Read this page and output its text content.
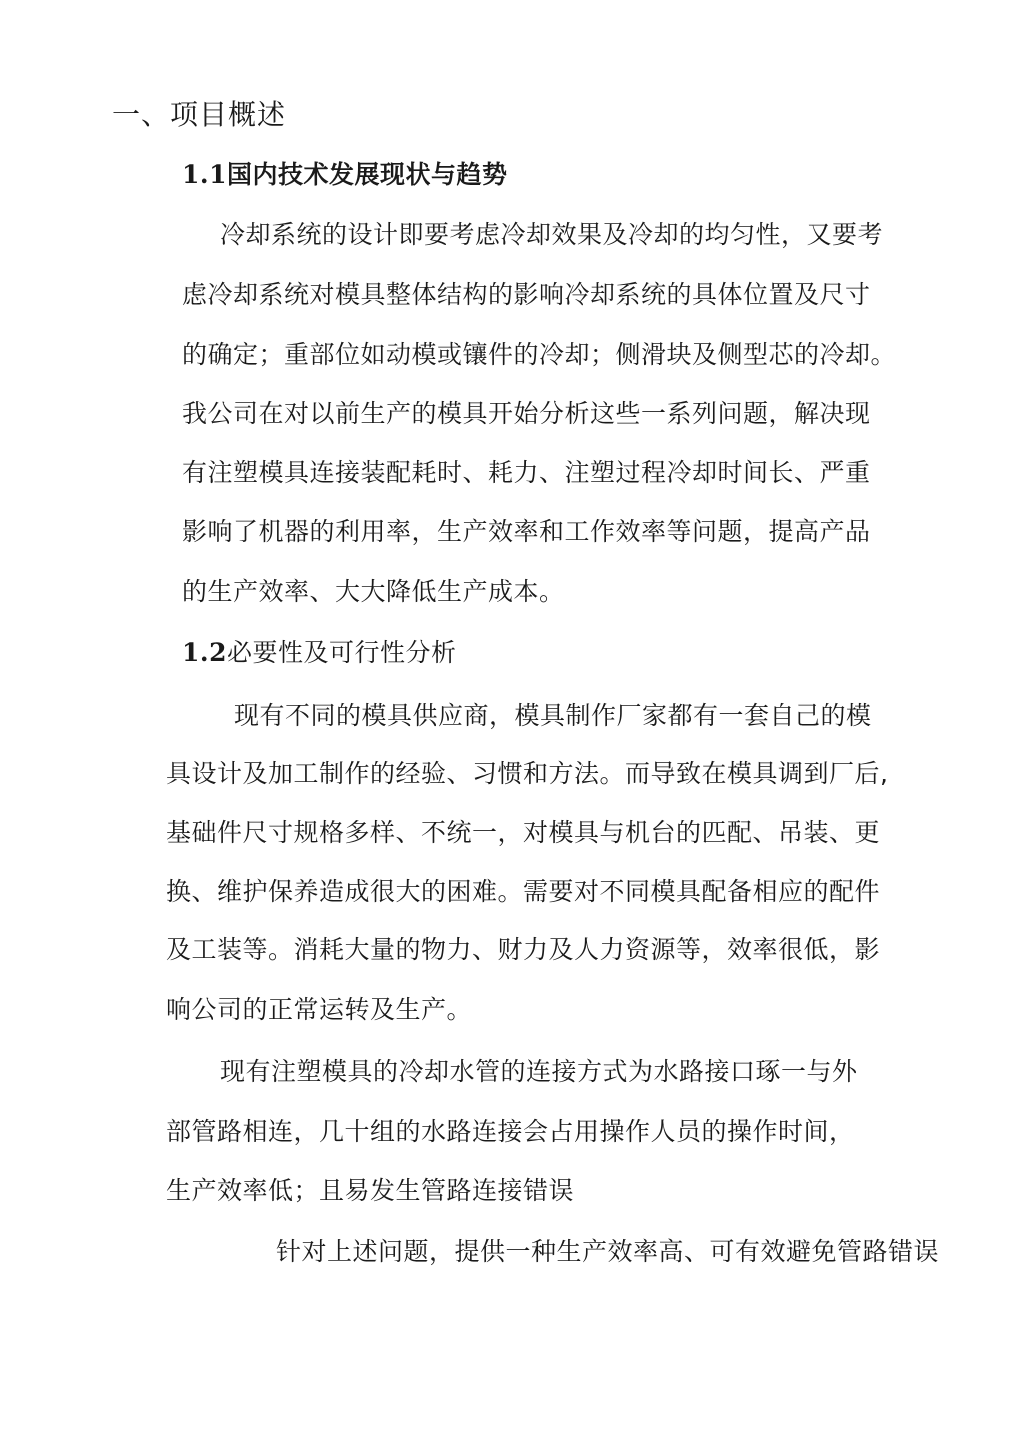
一、项目概述
1.1国内技术发展现状与趋势
冷却系统的设计即要考虑冷却效果及冷却的均匀性，又要考
虑冷却系统对模具整体结构的影响冷却系统的具体位置及尺寸
的确定；重部位如动模或镶件的冷却；侧滑块及侧型芯的冷却。
我公司在对以前生产的模具开始分析这些一系列问题，解决现
有注塑模具连接装配耗时、耗力、注塑过程冷却时间长、严重
影响了机器的利用率，生产效率和工作效率等问题，提高产品
的生产效率、大大降低生产成本。
1.2必要性及可行性分析
现有不同的模具供应商，模具制作厂家都有一套自己的模
具设计及加工制作的经验、习惯和方法。而导致在模具调到厂后,
基础件尺寸规格多样、不统一，对模具与机台的匹配、吊装、更
换、维护保养造成很大的困难。需要对不同模具配备相应的配件
及工装等。消耗大量的物力、财力及人力资源等，效率很低，影
响公司的正常运转及生产。
现有注塑模具的冷却水管的连接方式为水路接口琢一与外
部管路相连，几十组的水路连接会占用操作人员的操作时间，
生产效率低；且易发生管路连接错误
针对上述问题，提供一种生产效率高、可有效避免管路错误
